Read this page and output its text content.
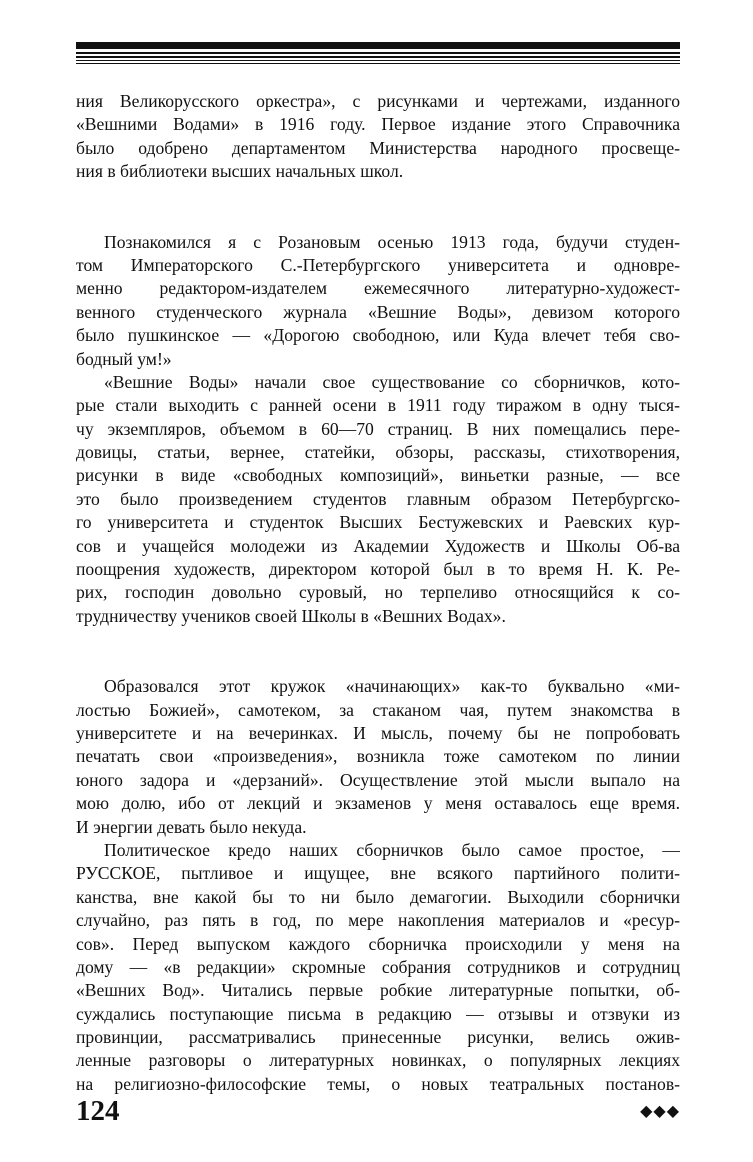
ния Великорусского оркестра», с рисунками и чертежами, изданного
«Вешними Водами» в 1916 году. Первое издание этого Справочника
было одобрено департаментом Министерства народного просвеще-
ния в библиотеки высших начальных школ.

Познакомился я с Розановым осенью 1913 года, будучи студен-
том Императорского С.-Петербургского университета и одновре-
менно редактором-издателем ежемесячного литературно-художест-
венного студенческого журнала «Вешние Воды», девизом которого
было пушкинское — «Дорогою свободною, или Куда влечет тебя сво-
бодный ум!»

«Вешние Воды» начали свое существование со сборничков, кото-
рые стали выходить с ранней осени в 1911 году тиражом в одну тыся-
чу экземпляров, объемом в 60—70 страниц. В них помещались пере-
довицы, статьи, вернее, статейки, обзоры, рассказы, стихотворения,
рисунки в виде «свободных композиций», виньетки разные, — все
это было произведением студентов главным образом Петербургско-
го университета и студенток Высших Бестужевских и Раевских кур-
сов и учащейся молодежи из Академии Художеств и Школы Об-ва
поощрения художеств, директором которой был в то время Н. К. Ре-
рих, господин довольно суровый, но терпеливо относящийся к со-
трудничеству учеников своей Школы в «Вешних Водах».

Образовался этот кружок «начинающих» как-то буквально «ми-
лостью Божией», самотеком, за стаканом чая, путем знакомства в
университете и на вечеринках. И мысль, почему бы не попробовать
печатать свои «произведения», возникла тоже самотеком по линии
юного задора и «дерзаний». Осуществление этой мысли выпало на
мою долю, ибо от лекций и экзаменов у меня оставалось еще время.
И энергии девать было некуда.

Политическое кредо наших сборничков было самое простое, —
РУССКОЕ, пытливое и ищущее, вне всякого партийного полити-
канства, вне какой бы то ни было демагогии. Выходили сборнички
случайно, раз пять в год, по мере накопления материалов и «ресур-
сов». Перед выпуском каждого сборничка происходили у меня на
дому — «в редакции» скромные собрания сотрудников и сотрудниц
«Вешних Вод». Читались первые робкие литературные попытки, об-
суждались поступающие письма в редакцию — отзывы и отзвуки из
провинции, рассматривались принесенные рисунки, велись ожив-
ленные разговоры о литературных новинках, о популярных лекциях
на религиозно-философские темы, о новых театральных постанов-

124	◆◆◆
